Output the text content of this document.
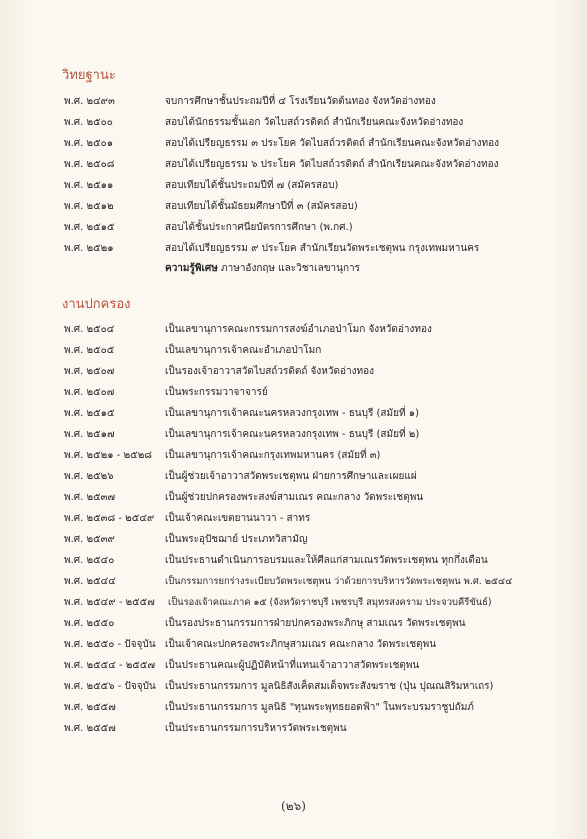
วิทยฐานะ
พ.ศ. ๒๔๙๓	จบการศึกษาชั้นประถมปีที่ ๔ โรงเรียนวัดต้นทอง จังหวัดอ่างทอง
พ.ศ. ๒๕๐๐	สอบได้นักธรรมชั้นเอก วัดไบสถ์วรดิตถ์ สำนักเรียนคณะจังหวัดอ่างทอง
พ.ศ. ๒๕๐๑	สอบได้เปรียญธรรม ๓ ประโยค วัดไบสถ์วรดิตถ์ สำนักเรียนคณะจังหวัดอ่างทอง
พ.ศ. ๒๕๐๘	สอบได้เปรียญธรรม ๖ ประโยค วัดไบสถ์วรดิตถ์ สำนักเรียนคณะจังหวัดอ่างทอง
พ.ศ. ๒๕๑๑	สอบเทียบได้ชั้นประถมปีที่ ๗ (สมัครสอบ)
พ.ศ. ๒๕๑๒	สอบเทียบได้ชั้นมัธยมศึกษาปีที่ ๓ (สมัครสอบ)
พ.ศ. ๒๕๑๕	สอบได้ชั้นประกาศนียบัตรการศึกษา (พ.กศ.)
พ.ศ. ๒๕๒๑	สอบได้เปรียญธรรม ๙ ประโยค สำนักเรียนวัดพระเชตุพน กรุงเทพมหานคร
ความรู้พิเศษ ภาษาอังกฤษ และวิชาเลขานุการ
งานปกครอง
พ.ศ. ๒๕๐๔	เป็นเลขานุการคณะกรรมการสงฆ์อำเภอป่าโมก จังหวัดอ่างทอง
พ.ศ. ๒๕๐๕	เป็นเลขานุการเจ้าคณะอำเภอป่าโมก
พ.ศ. ๒๕๐๗	เป็นรองเจ้าอาวาสวัดไบสถ์วรดิตถ์ จังหวัดอ่างทอง
พ.ศ. ๒๕๐๗	เป็นพระกรรมวาจาจารย์
พ.ศ. ๒๕๑๕	เป็นเลขานุการเจ้าคณะนครหลวงกรุงเทพ - ธนบุรี (สมัยที่ ๑)
พ.ศ. ๒๕๑๗	เป็นเลขานุการเจ้าคณะนครหลวงกรุงเทพ - ธนบุรี (สมัยที่ ๒)
พ.ศ. ๒๕๒๑ - ๒๕๒๘ เป็นเลขานุการเจ้าคณะกรุงเทพมหานคร (สมัยที่ ๓)
พ.ศ. ๒๕๒๖	เป็นผู้ช่วยเจ้าอาวาสวัดพระเชตุพน ฝ่ายการศึกษาและเผยแผ่
พ.ศ. ๒๕๓๗	เป็นผู้ช่วยปกครองพระสงฆ์สามเณร คณะกลาง วัดพระเชตุพน
พ.ศ. ๒๕๓๘ - ๒๕๔๙ เป็นเจ้าคณะเขตยานนาวา - สาทร
พ.ศ. ๒๕๓๙	เป็นพระอุปัชฌาย์ ประเภทวิสามัญ
พ.ศ. ๒๕๔๐	เป็นประธานดำเนินการอบรมและให้ศีลแก่สามเณรวัดพระเชตุพน ทุกกึ่งเดือน
พ.ศ. ๒๕๔๔	เป็นกรรมการยกร่างระเบียบวัดพระเชตุพน ว่าด้วยการบริหารวัดพระเชตุพน พ.ศ. ๒๕๔๔
พ.ศ. ๒๕๔๙ - ๒๕๕๗ เป็นรองเจ้าคณะภาค ๑๕ (จังหวัดราชบุรี เพชรบุรี สมุทรสงคราม ประจวบคีรีขันธ์)
พ.ศ. ๒๕๕๐	เป็นรองประธานกรรมการฝ่ายปกครองพระภิกษุ สามเณร วัดพระเชตุพน
พ.ศ. ๒๕๕๐ - ปัจจุบัน เป็นเจ้าคณะปกครองพระภิกษุสามเณร คณะกลาง วัดพระเชตุพน
พ.ศ. ๒๕๕๔ - ๒๕๕๗ เป็นประธานคณะผู้ปฏิบัติหน้าที่แทนเจ้าอาวาสวัดพระเชตุพน
พ.ศ. ๒๕๕๖ - ปัจจุบัน เป็นประธานกรรมการ มูลนิธิสังเค็ดสมเด็จพระสังฆราช (ปุ่น ปุณณสิริมหาเถร)
พ.ศ. ๒๕๕๗	เป็นประธานกรรมการ มูลนิธิ "ทุนพระพุทธยอดฟ้า" ในพระบรมราชูปถัมภ์
พ.ศ. ๒๕๕๗	เป็นประธานกรรมการบริหารวัดพระเชตุพน
(๒๖)
